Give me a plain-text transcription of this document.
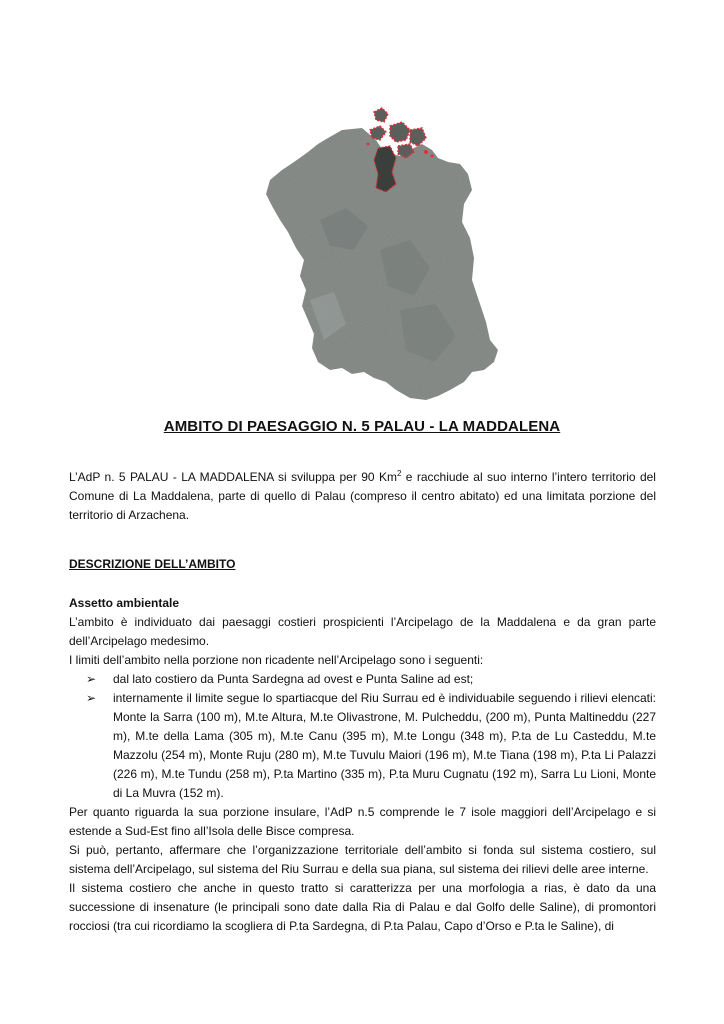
AMBITO DI PAESAGGIO N. 5 PALAU - LA MADDALENA
L’AdP n. 5 PALAU - LA MADDALENA si sviluppa per 90 Km$^2$ e racchiude al suo interno l’intero territorio del Comune di La Maddalena, parte di quello di Palau (compreso il centro abitato) ed una limitata porzione del territorio di Arzachena.
DESCRIZIONE DELL’AMBITO
Assetto ambientale

L’ambito è individuato dai paesaggi costieri prospicienti l’Arcipelago de la Maddalena e da gran parte dell’Arcipelago medesimo.

I limiti dell’ambito nella porzione non ricadente nell’Arcipelago sono i seguenti:

➢ dal lato costiero da Punta Sardegna ad ovest e Punta Saline ad est;
➢ internamente il limite segue lo spartiacque del Riu Surrau ed è individuabile seguendo i rilievi elencati: Monte la Sarra (100 m), M.te Altura, M.te Olivastrone, M. Pulcheddu, (200 m), Punta Maltineddu (227 m), M.te della Lama (305 m), M.te Canu (395 m), M.te Longu (348 m), P.ta de Lu Casteddu, M.te Mazzolu (254 m), Monte Ruju (280 m), M.te Tuvulu Maiori (196 m), M.te Tiana (198 m), P.ta Li Palazzi (226 m), M.te Tundu (258 m), P.ta Martino (335 m), P.ta Muru Cugnatu (192 m), Sarra Lu Lioni, Monte di La Muvra (152 m).

Per quanto riguarda la sua porzione insulare, l’AdP n.5 comprende le 7 isole maggiori dell’Arcipelago e si estende a Sud-Est fino all’Isola delle Bisce compresa.

Si può, pertanto, affermare che l’organizzazione territoriale dell’ambito si fonda sul sistema costiero, sul sistema dell’Arcipelago, sul sistema del Riu Surrau e della sua piana, sul sistema dei rilievi delle aree interne.

Il sistema costiero che anche in questo tratto si caratterizza per una morfologia a rias, è dato da una successione di insenature (le principali sono date dalla Ria di Palau e dal Golfo delle Saline), di promontori rocciosi (tra cui ricordiamo la scogliera di P.ta Sardegna, di P.ta Palau, Capo d’Orso e P.ta le Saline), di
